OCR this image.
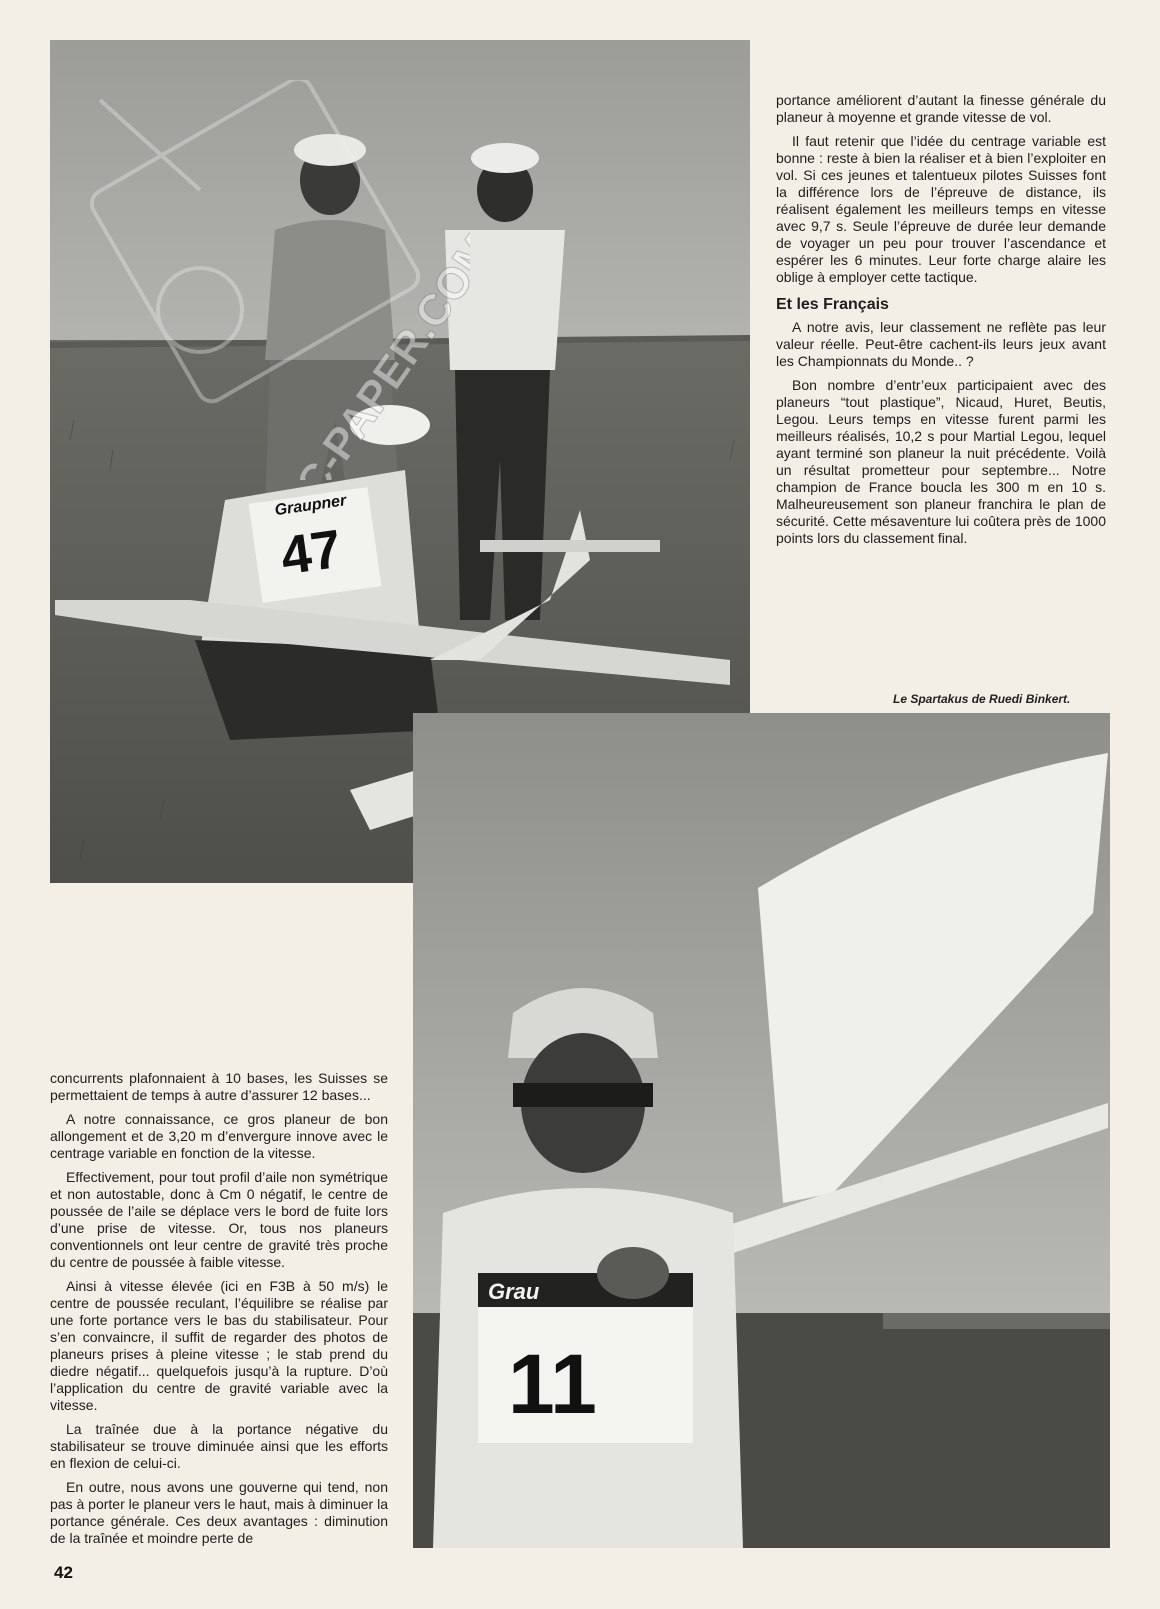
47
Graupner

portance améliorent d’autant la finesse générale du planeur à moyenne et grande vitesse de vol.

Il faut retenir que l’idée du centrage variable est bonne : reste à bien la réaliser et à bien l’exploiter en vol. Si ces jeunes et talentueux pilotes Suisses font la différence lors de l’épreuve de distance, ils réalisent également les meilleurs temps en vitesse avec 9,7 s. Seule l’épreuve de durée leur demande de voyager un peu pour trouver l’ascendance et espérer les 6 minutes. Leur forte charge alaire les oblige à employer cette tactique.

Et les Français

A notre avis, leur classement ne reflète pas leur valeur réelle. Peut-être cachent-ils leurs jeux avant les Championnats du Monde.. ?

Bon nombre d’entr’eux participaient avec des planeurs “tout plastique”, Nicaud, Huret, Beutis, Legou. Leurs temps en vitesse furent parmi les meilleurs réalisés, 10,2 s pour Martial Legou, lequel ayant terminé son planeur la nuit précédente. Voilà un résultat prometteur pour septembre... Notre champion de France boucla les 300 m en 10 s. Malheureusement son planeur franchira le plan de sécurité. Cette mésaventure lui coûtera près de 1000 points lors du classement final.

Le Spartakus de Ruedi Binkert.
Grau
11

concurrents plafonnaient à 10 bases, les Suisses se permettaient de temps à autre d’assurer 12 bases...

A notre connaissance, ce gros planeur de bon allongement et de 3,20 m d’envergure innove avec le centrage variable en fonction de la vitesse.

Effectivement, pour tout profil d’aile non symétrique et non autostable, donc à Cm 0 négatif, le centre de poussée de l’aile se déplace vers le bord de fuite lors d’une prise de vitesse. Or, tous nos planeurs conventionnels ont leur centre de gravité très proche du centre de poussée à faible vitesse.

Ainsi à vitesse élevée (ici en F3B à 50 m/s) le centre de poussée reculant, l’équilibre se réalise par une forte portance vers le bas du stabilisateur. Pour s’en convaincre, il suffit de regarder des photos de planeurs prises à pleine vitesse ; le stab prend du diedre négatif... quelquefois jusqu’à la rupture. D’où l’application du centre de gravité variable avec la vitesse.

La traînée due à la portance négative du stabilisateur se trouve diminuée ainsi que les efforts en flexion de celui-ci.

En outre, nous avons une gouverne qui tend, non pas à porter le planeur vers le haut, mais à diminuer la portance générale. Ces deux avantages : diminution de la traînée et moindre perte de

42
